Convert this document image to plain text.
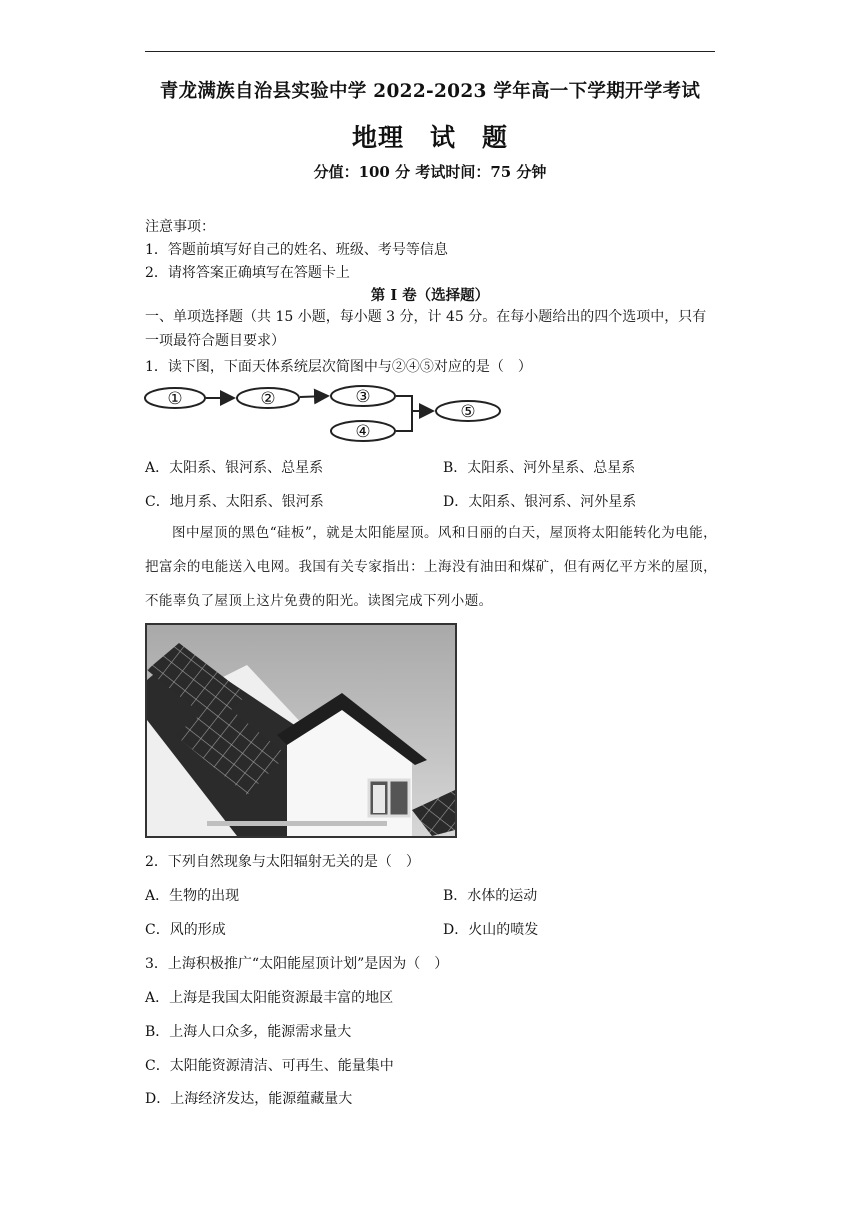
青龙满族自治县实验中学 2022-2023 学年高一下学期开学考试
地理　试　题
分值：100 分 考试时间：75 分钟
注意事项：
1．答题前填写好自己的姓名、班级、考号等信息
2．请将答案正确填写在答题卡上
第 I 卷（选择题）
一、单项选择题（共 15 小题，每小题 3 分，计 45 分。在每小题给出的四个选项中，只有一项最符合题目要求）
1．读下图，下面天体系统层次简图中与②④⑤对应的是（　）
①	②	③
④
⑤
A．太阳系、银河系、总星系	B．太阳系、河外星系、总星系
C．地月系、太阳系、银河系	D．太阳系、银河系、河外星系
图中屋顶的黑色“硅板”，就是太阳能屋顶。风和日丽的白天，屋顶将太阳能转化为电能，把富余的电能送入电网。我国有关专家指出：上海没有油田和煤矿，但有两亿平方米的屋顶，不能辜负了屋顶上这片免费的阳光。读图完成下列小题。
2．下列自然现象与太阳辐射无关的是（　）
A．生物的出现	B．水体的运动
C．风的形成	D．火山的喷发
3．上海积极推广“太阳能屋顶计划”是因为（　）
A．上海是我国太阳能资源最丰富的地区
B．上海人口众多，能源需求量大
C．太阳能资源清洁、可再生、能量集中
D．上海经济发达，能源蕴藏量大
